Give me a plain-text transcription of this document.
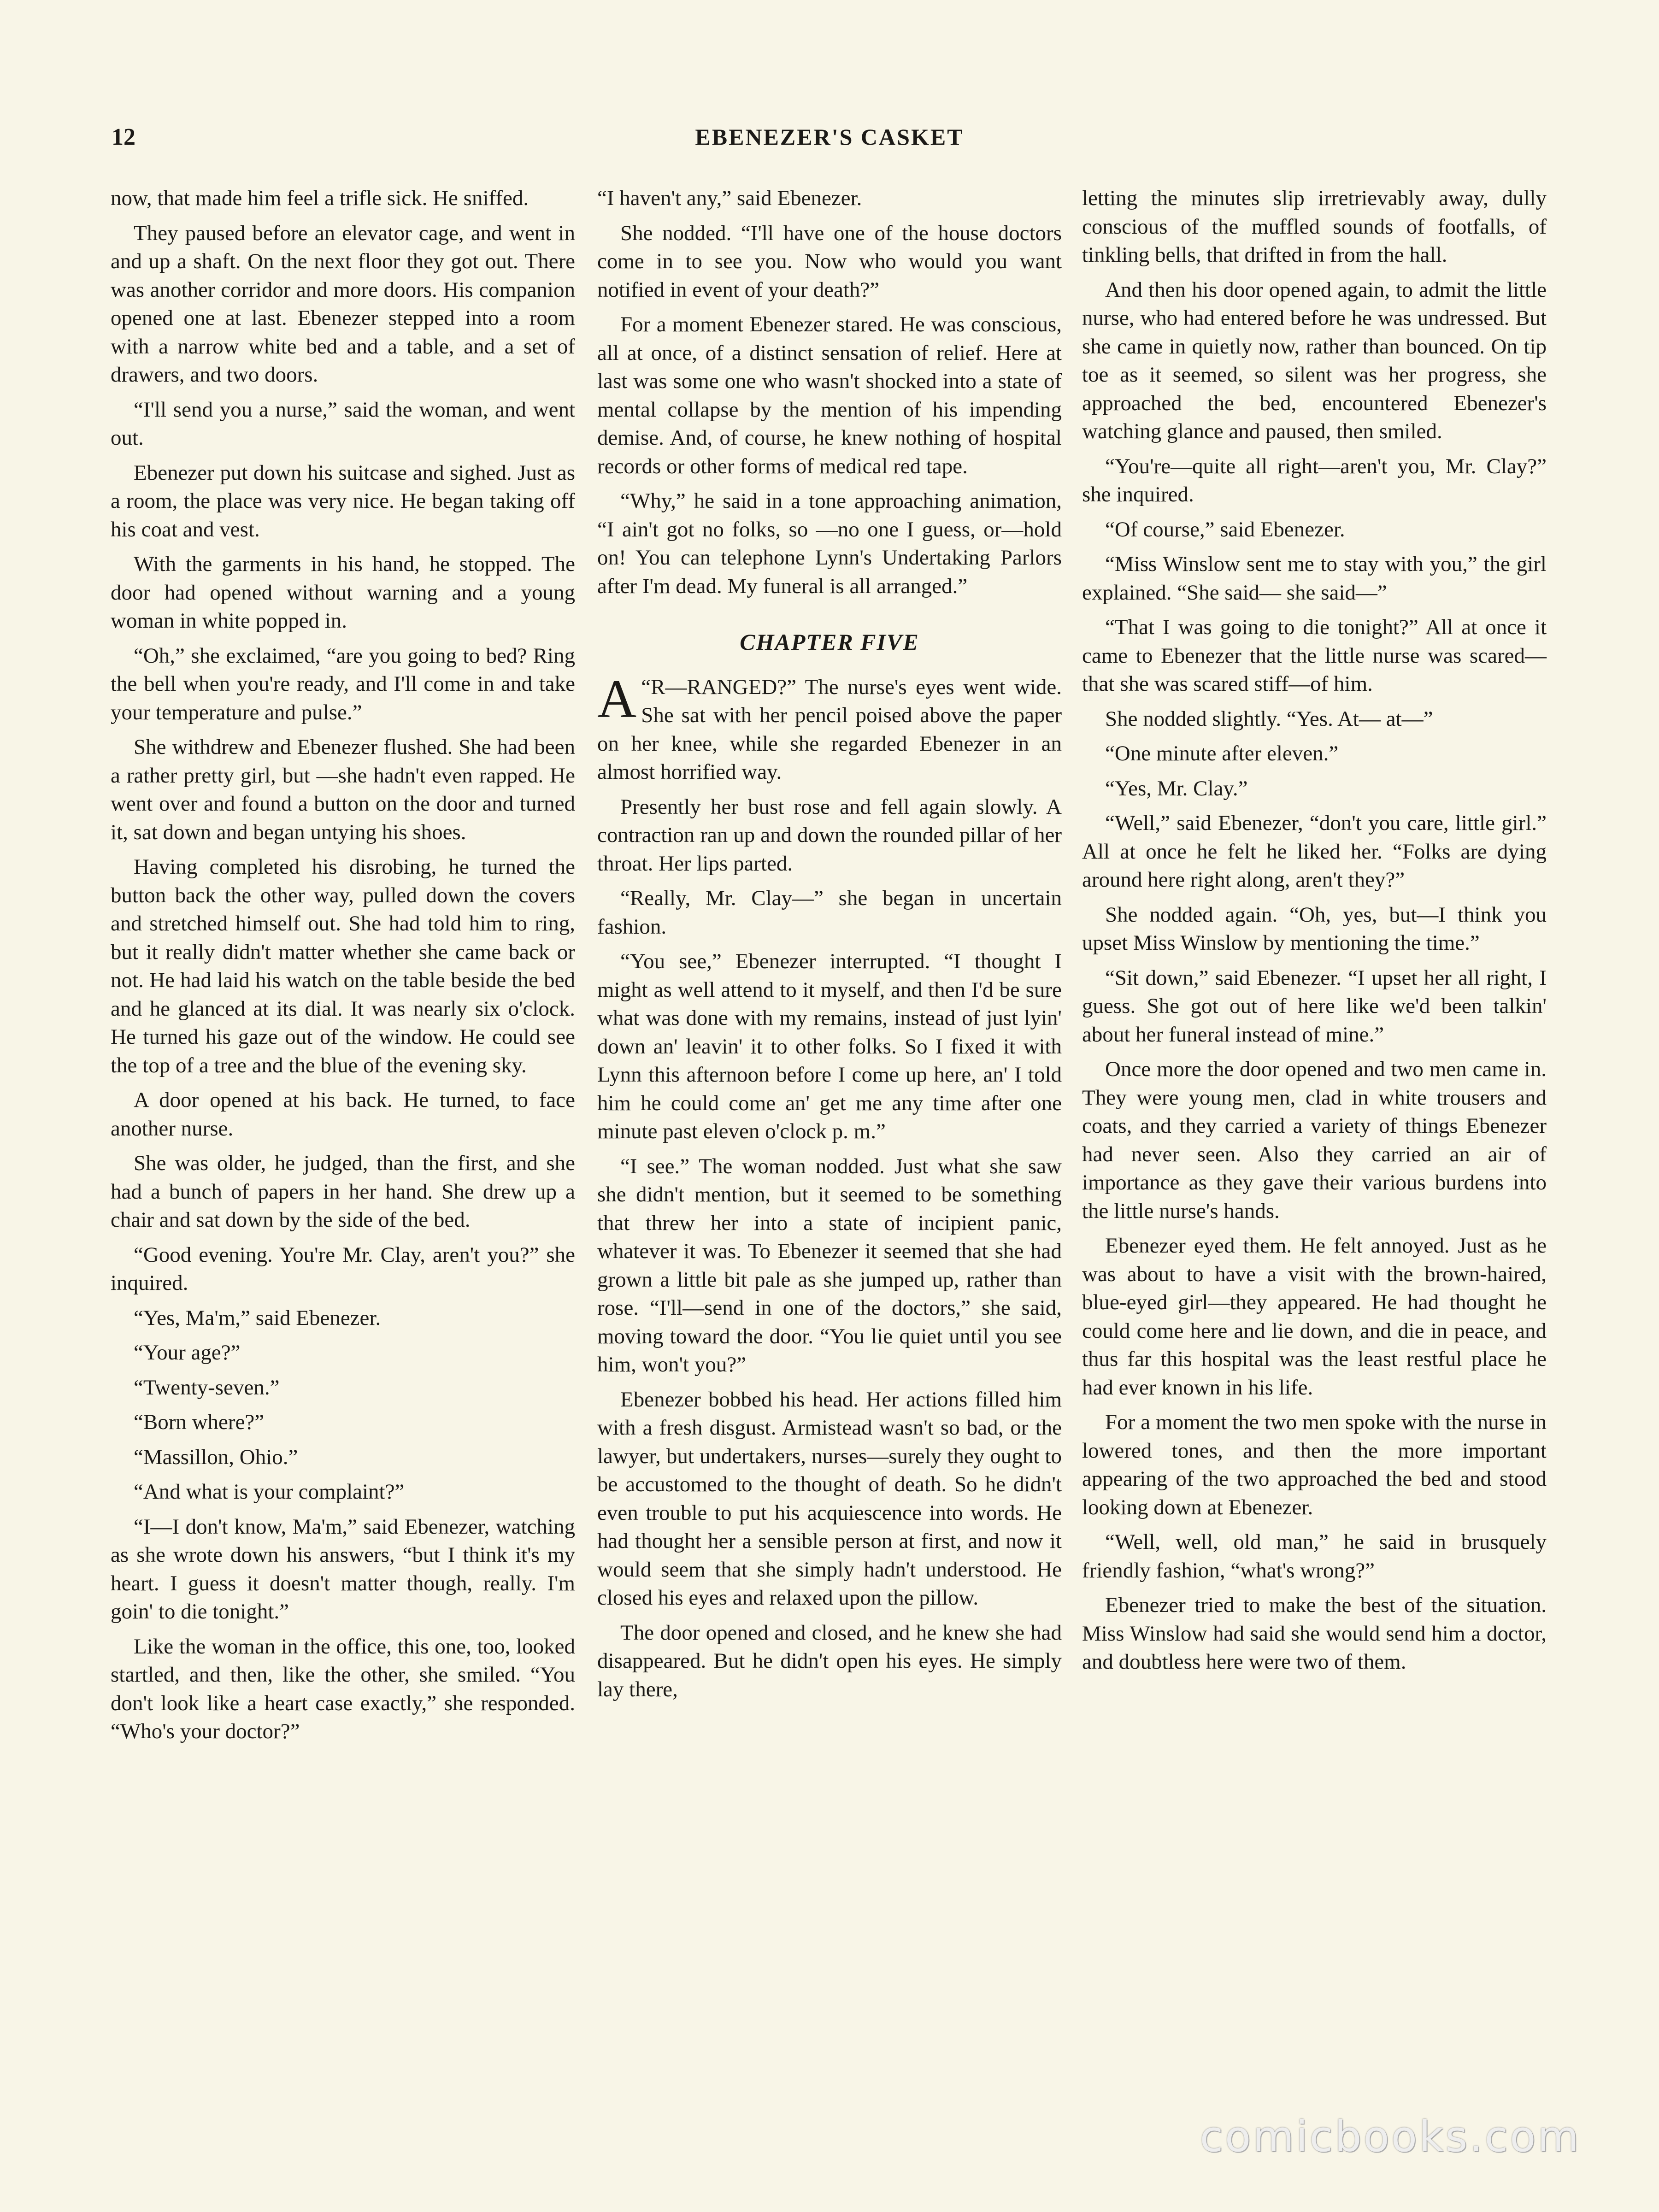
12	EBENEZER'S CASKET

now, that made him feel a trifle sick. He sniffed.

They paused before an elevator cage, and went in and up a shaft. On the next floor they got out. There was another corridor and more doors. His companion opened one at last. Ebenezer stepped into a room with a narrow white bed and a table, and a set of drawers, and two doors.

“I'll send you a nurse,” said the woman, and went out.

Ebenezer put down his suitcase and sighed. Just as a room, the place was very nice. He began taking off his coat and vest.

With the garments in his hand, he stopped. The door had opened without warning and a young woman in white popped in.

“Oh,” she exclaimed, “are you going to bed? Ring the bell when you're ready, and I'll come in and take your temperature and pulse.”

She withdrew and Ebenezer flushed. She had been a rather pretty girl, but —she hadn't even rapped. He went over and found a button on the door and turned it, sat down and began untying his shoes.

Having completed his disrobing, he turned the button back the other way, pulled down the covers and stretched himself out. She had told him to ring, but it really didn't matter whether she came back or not. He had laid his watch on the table beside the bed and he glanced at its dial. It was nearly six o'clock. He turned his gaze out of the window. He could see the top of a tree and the blue of the evening sky.

A door opened at his back. He turned, to face another nurse.

She was older, he judged, than the first, and she had a bunch of papers in her hand. She drew up a chair and sat down by the side of the bed.

“Good evening. You're Mr. Clay, aren't you?” she inquired.

“Yes, Ma'm,” said Ebenezer.

“Your age?”

“Twenty-seven.”

“Born where?”

“Massillon, Ohio.”

“And what is your complaint?”

“I—I don't know, Ma'm,” said Ebenezer, watching as she wrote down his answers, “but I think it's my heart. I guess it doesn't matter though, really. I'm goin' to die tonight.”

Like the woman in the office, this one, too, looked startled, and then, like the other, she smiled. “You don't look like a heart case exactly,” she responded. “Who's your doctor?”

“I haven't any,” said Ebenezer.

She nodded. “I'll have one of the house doctors come in to see you. Now who would you want notified in event of your death?”

For a moment Ebenezer stared. He was conscious, all at once, of a distinct sensation of relief. Here at last was some one who wasn't shocked into a state of mental collapse by the mention of his impending demise. And, of course, he knew nothing of hospital records or other forms of medical red tape.

“Why,” he said in a tone approaching animation, “I ain't got no folks, so —no one I guess, or—hold on! You can telephone Lynn's Undertaking Parlors after I'm dead. My funeral is all arranged.”

CHAPTER FIVE

“
A R—RANGED?” The nurse's eyes went wide. She sat with her pencil poised above the paper on her knee, while she regarded Ebenezer in an almost horrified way.

Presently her bust rose and fell again slowly. A contraction ran up and down the rounded pillar of her throat. Her lips parted.

“Really, Mr. Clay—” she began in uncertain fashion.

“You see,” Ebenezer interrupted. “I thought I might as well attend to it myself, and then I'd be sure what was done with my remains, instead of just lyin' down an' leavin' it to other folks. So I fixed it with Lynn this afternoon before I come up here, an' I told him he could come an' get me any time after one minute past eleven o'clock p. m.”

“I see.” The woman nodded. Just what she saw she didn't mention, but it seemed to be something that threw her into a state of incipient panic, whatever it was. To Ebenezer it seemed that she had grown a little bit pale as she jumped up, rather than rose. “I'll—send in one of the doctors,” she said, moving toward the door. “You lie quiet until you see him, won't you?”

Ebenezer bobbed his head. Her actions filled him with a fresh disgust. Armistead wasn't so bad, or the lawyer, but undertakers, nurses—surely they ought to be accustomed to the thought of death. So he didn't even trouble to put his acquiescence into words. He had thought her a sensible person at first, and now it would seem that she simply hadn't understood. He closed his eyes and relaxed upon the pillow.

The door opened and closed, and he knew she had disappeared. But he didn't open his eyes. He simply lay there,

letting the minutes slip irretrievably away, dully conscious of the muffled sounds of footfalls, of tinkling bells, that drifted in from the hall.

And then his door opened again, to admit the little nurse, who had entered before he was undressed. But she came in quietly now, rather than bounced. On tip toe as it seemed, so silent was her progress, she approached the bed, encountered Ebenezer's watching glance and paused, then smiled.

“You're—quite all right—aren't you, Mr. Clay?” she inquired.

“Of course,” said Ebenezer.

“Miss Winslow sent me to stay with you,” the girl explained. “She said— she said—”

“That I was going to die tonight?” All at once it came to Ebenezer that the little nurse was scared—that she was scared stiff—of him.

She nodded slightly. “Yes. At— at—”

“One minute after eleven.”

“Yes, Mr. Clay.”

“Well,” said Ebenezer, “don't you care, little girl.” All at once he felt he liked her. “Folks are dying around here right along, aren't they?”

She nodded again. “Oh, yes, but—I think you upset Miss Winslow by mentioning the time.”

“Sit down,” said Ebenezer. “I upset her all right, I guess. She got out of here like we'd been talkin' about her funeral instead of mine.”

Once more the door opened and two men came in. They were young men, clad in white trousers and coats, and they carried a variety of things Ebenezer had never seen. Also they carried an air of importance as they gave their various burdens into the little nurse's hands.

Ebenezer eyed them. He felt annoyed. Just as he was about to have a visit with the brown-haired, blue-eyed girl—they appeared. He had thought he could come here and lie down, and die in peace, and thus far this hospital was the least restful place he had ever known in his life.

For a moment the two men spoke with the nurse in lowered tones, and then the more important appearing of the two approached the bed and stood looking down at Ebenezer.

“Well, well, old man,” he said in brusquely friendly fashion, “what's wrong?”

Ebenezer tried to make the best of the situation. Miss Winslow had said she would send him a doctor, and doubtless here were two of them.

comicbooks.com
